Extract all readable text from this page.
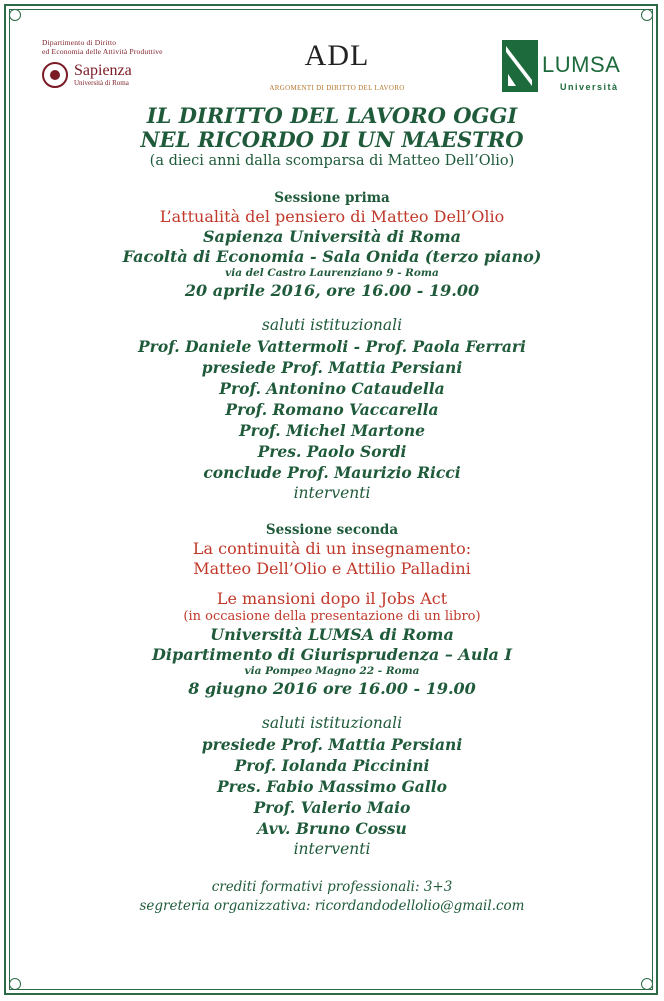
Dipartimento di Diritto
ed Economia delle Attività Produttive
Sapienza
Università di Roma
ADL
ARGOMENTI DI DIRITTO DEL LAVORO
LUMSA
Università
IL DIRITTO DEL LAVORO OGGI
NEL RICORDO DI UN MAESTRO
(a dieci anni dalla scomparsa di Matteo Dell’Olio)
Sessione prima
L’attualità del pensiero di Matteo Dell’Olio
Sapienza Università di Roma
Facoltà di Economia - Sala Onida (terzo piano)
via del Castro Laurenziano 9 - Roma
20 aprile 2016, ore 16.00 - 19.00
saluti istituzionali
Prof. Daniele Vattermoli - Prof. Paola Ferrari
presiede Prof. Mattia Persiani
Prof. Antonino Cataudella
Prof. Romano Vaccarella
Prof. Michel Martone
Pres. Paolo Sordi
conclude Prof. Maurizio Ricci
interventi
Sessione seconda
La continuità di un insegnamento:
Matteo Dell’Olio e Attilio Palladini
Le mansioni dopo il Jobs Act
(in occasione della presentazione di un libro)
Università LUMSA di Roma
Dipartimento di Giurisprudenza – Aula I
via Pompeo Magno 22 - Roma
8 giugno 2016 ore 16.00 - 19.00
saluti istituzionali
presiede Prof. Mattia Persiani
Prof. Iolanda Piccinini
Pres. Fabio Massimo Gallo
Prof. Valerio Maio
Avv. Bruno Cossu
interventi
crediti formativi professionali: 3+3
segreteria organizzativa: ricordandodellolio@gmail.com
